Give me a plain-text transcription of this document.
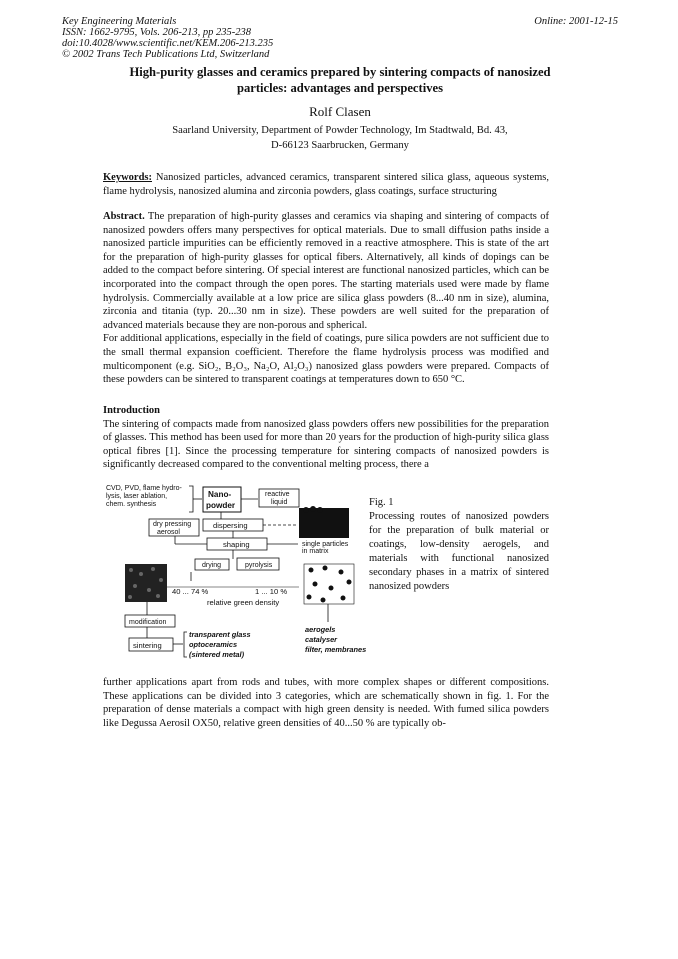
Key Engineering Materials
ISSN: 1662-9795, Vols. 206-213, pp 235-238
doi:10.4028/www.scientific.net/KEM.206-213.235
© 2002 Trans Tech Publications Ltd, Switzerland
Online: 2001-12-15
High-purity glasses and ceramics prepared by sintering compacts of nanosized
particles: advantages and perspectives
Rolf Clasen
Saarland University, Department of Powder Technology, Im Stadtwald, Bd. 43,
D-66123 Saarbrucken, Germany

Keywords: Nanosized particles, advanced ceramics, transparent sintered silica glass, aqueous systems, flame hydrolysis, nanosized alumina and zirconia powders, glass coatings, surface structuring

Abstract. The preparation of high-purity glasses and ceramics via shaping and sintering of compacts of nanosized powders offers many perspectives for optical materials. Due to small diffusion paths inside a nanosized particle impurities can be efficiently removed in a reactive atmosphere. This is state of the art for the preparation of high-purity glasses for optical fibers. Alternatively, all kinds of dopings can be added to the compact before sintering. Of special interest are functional nanosized particles, which can be incorporated into the compact through the open pores. The starting materials used were made by flame hydrolysis. Commercially available at a low price are silica glass powders (8...40 nm in size), alumina, zirconia and titania (typ. 20...30 nm in size). These powders are well suited for the preparation of advanced materials because they are non-porous and spherical.

For additional applications, especially in the field of coatings, pure silica powders are not sufficient due to the small thermal expansion coefficient. Therefore the flame hydrolysis process was modified and multicomponent (e.g. SiO₂, B₂O₃, Na₂O, Al₂O₃) nanosized glass powders were prepared. Compacts of these powders can be sintered to transparent coatings at temperatures down to 650 °C.

Introduction

The sintering of compacts made from nanosized glass powders offers new possibilities for the preparation of glasses. This method has been used for more than 20 years for the production of high-purity silica glass optical fibres [1]. Since the processing temperature for sintering compacts of nanosized powders is significantly decreased compared to the conventional melting process, there a

CVD, PVD, flame hydro-
lysis, laser ablation,
chem. synthesis
Nano-
powder
reactive
liquid
dry pressing
aerosol
dispersing
single particles
in matrix
shaping
drying	pyrolysis
40 ... 74 %	1 ... 10 %
relative green density
modification
sintering
transparent glass
optoceramics
(sintered metal)
aerogels
catalyser
filter, membranes

Fig. 1

Processing routes of nanosized powders for the preparation of bulk material or coatings, low-density aerogels, and materials with functional nanosized secondary phases in a matrix of sintered nanosized powders

further applications apart from rods and tubes, with more complex shapes or different compositions. These applications can be divided into 3 categories, which are schematically shown in fig. 1. For the preparation of dense materials a compact with high green density is needed. With fumed silica powders like Degussa Aerosil OX50, relative green densities of 40...50 % are typically ob-
